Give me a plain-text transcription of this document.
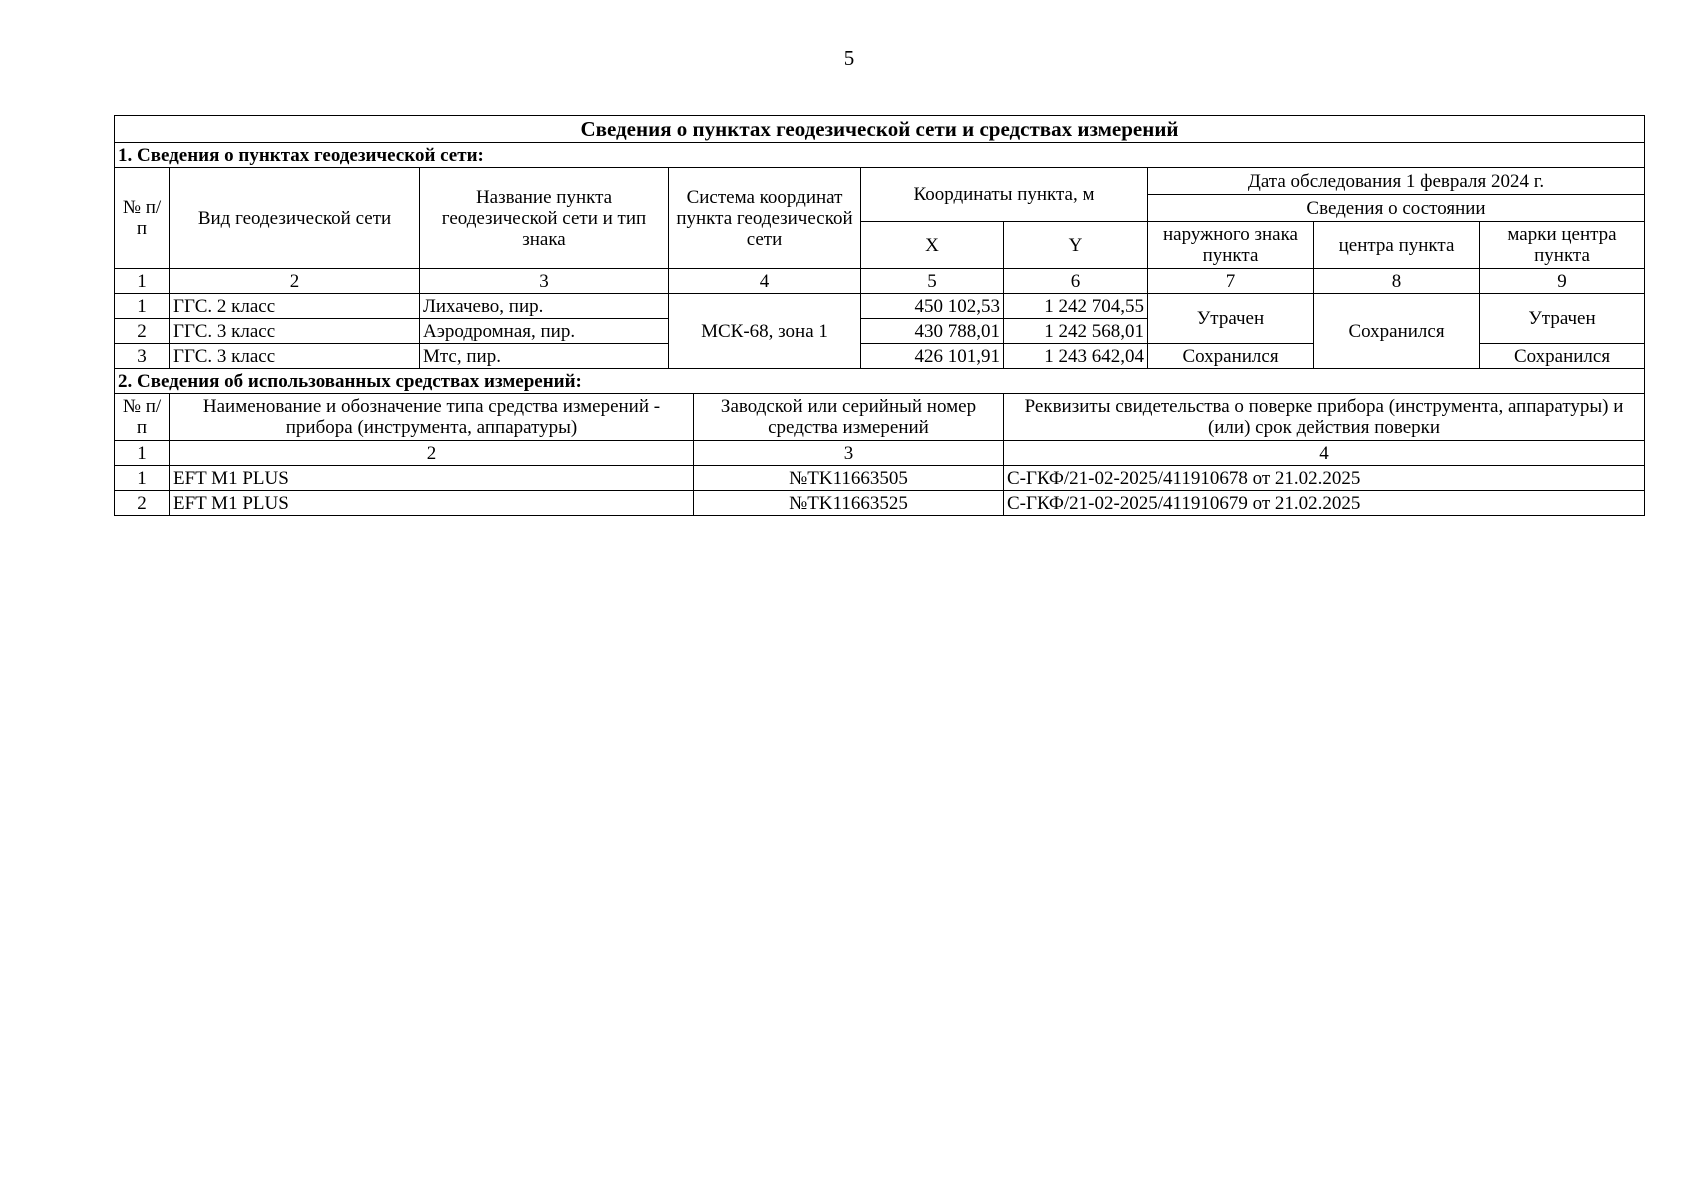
5
Сведения о пунктах геодезической сети и средствах измерений									
1. Сведения о пунктах геодезической сети:									
№ п/п	Вид геодезической сети	Название пункта геодезической сети и тип знака	Система координат пункта геодезической сети		Координаты пункта, м		Дата обследования 1 февраля 2024 г.		
							Сведения о состоянии		
					X	Y	наружного знака пункта	центра пункта	марки центра пункта
1	2	3	4		5	6	7	8	9
1	ГГС. 2 класс	Лихачево, пир.	МСК-68, зона 1		450 102,53	1 242 704,55	Утрачен	Сохранился	Утрачен
2	ГГС. 3 класс	Аэродромная, пир.			430 788,01	1 242 568,01			
3	ГГС. 3 класс	Мтс, пир.			426 101,91	1 243 642,04	Сохранился		Сохранился
2. Сведения об использованных средствах измерений:									
№ п/п	Наименование и обозначение типа средства измерений - прибора (инструмента, аппаратуры)			Заводской или серийный номер средства измерений		Реквизиты свидетельства о поверке прибора (инструмента, аппаратуры) и (или) срок действия поверки			
1	2			3		4			
1	EFT M1 PLUS			№TK11663505		С-ГКФ/21-02-2025/411910678 от 21.02.2025			
2	EFT M1 PLUS			№TK11663525		С-ГКФ/21-02-2025/411910679 от 21.02.2025			
